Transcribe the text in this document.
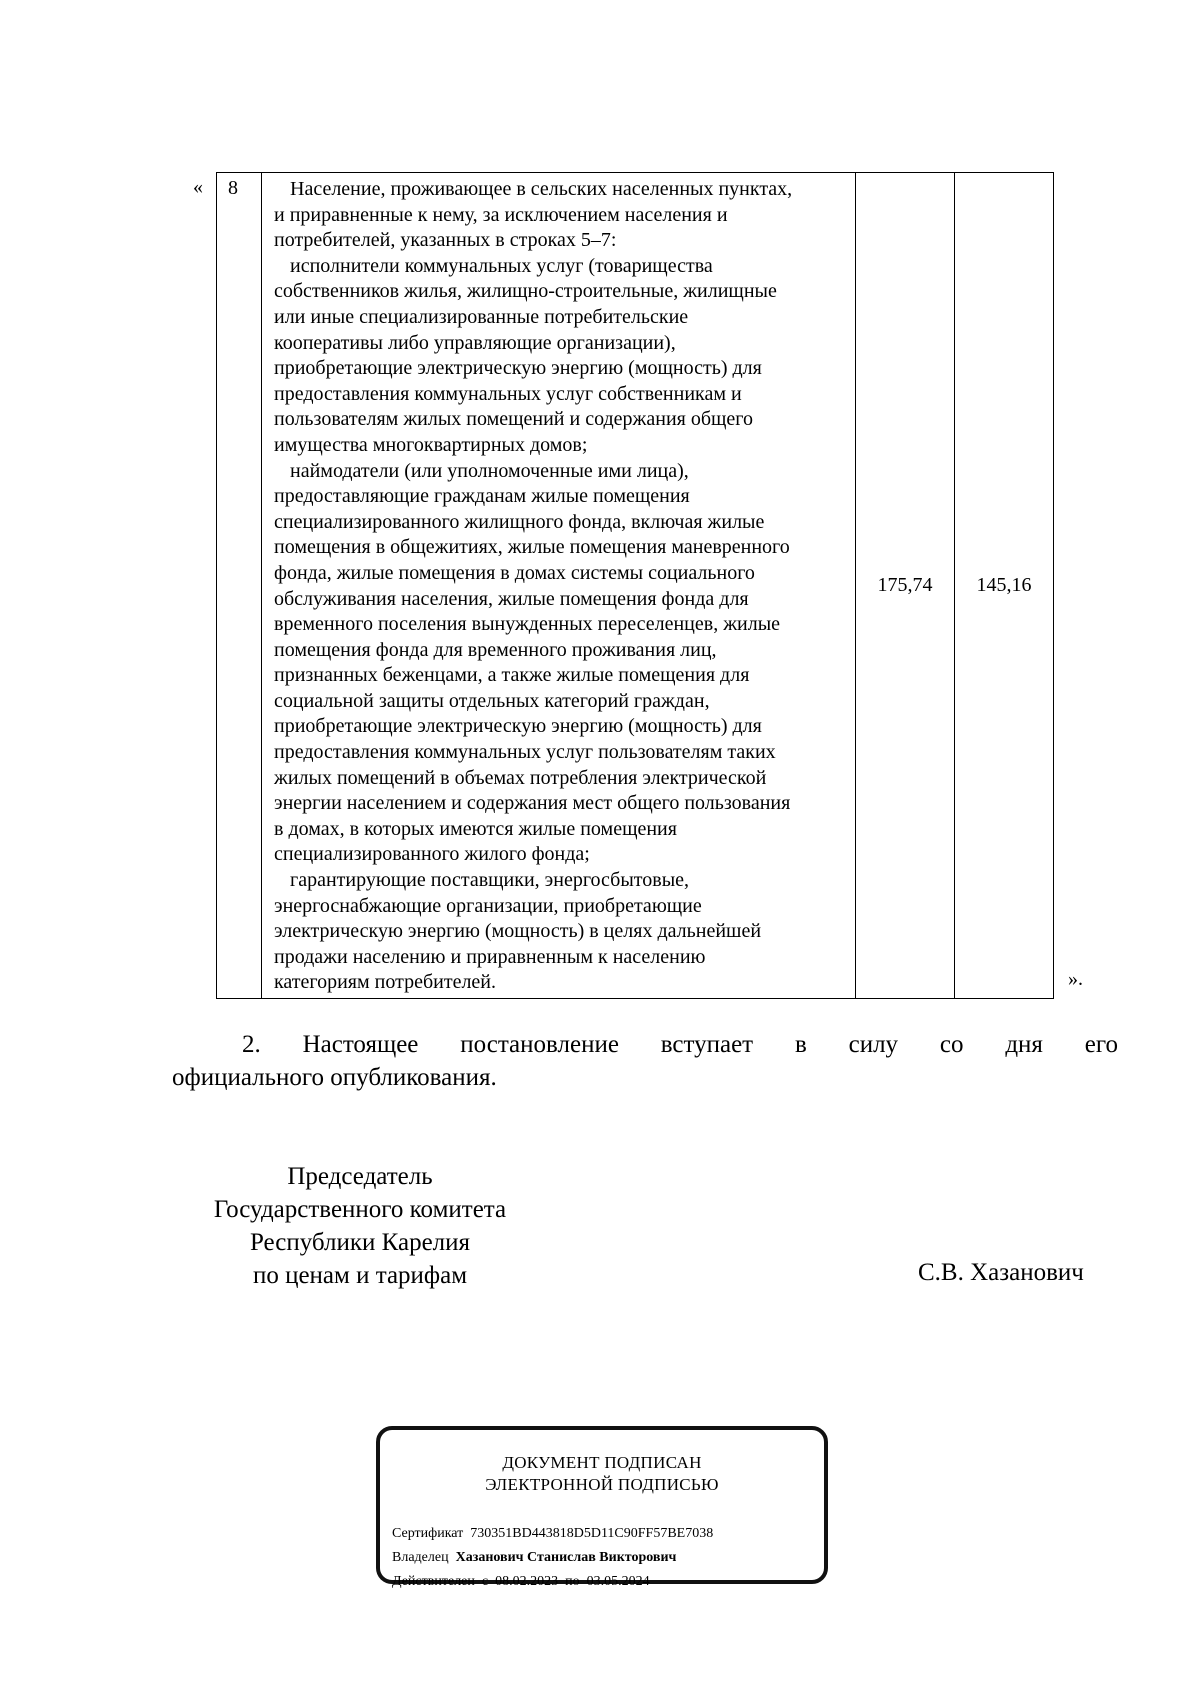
«	8	Население, проживающее в сельских населенных пунктах,
и приравненные к нему, за исключением населения и
потребителей, указанных в строках 5–7:
исполнители коммунальных услуг (товарищества
собственников жилья, жилищно-строительные, жилищные
или иные специализированные потребительские
кооперативы либо управляющие организации),
приобретающие электрическую энергию (мощность) для
предоставления коммунальных услуг собственникам и
пользователям жилых помещений и содержания общего
имущества многоквартирных домов;
наймодатели (или уполномоченные ими лица),
предоставляющие гражданам жилые помещения
специализированного жилищного фонда, включая жилые
помещения в общежитиях, жилые помещения маневренного
фонда, жилые помещения в домах системы социального
обслуживания населения, жилые помещения фонда для
временного поселения вынужденных переселенцев, жилые
помещения фонда для временного проживания лиц,
признанных беженцами, а также жилые помещения для
социальной защиты отдельных категорий граждан,
приобретающие электрическую энергию (мощность) для
предоставления коммунальных услуг пользователям таких
жилых помещений в объемах потребления электрической
энергии населением и содержания мест общего пользования
в домах, в которых имеются жилые помещения
специализированного жилого фонда;
гарантирующие поставщики, энергосбытовые,
энергоснабжающие организации, приобретающие
электрическую энергию (мощность) в целях дальнейшей
продажи населению и приравненным к населению
категориям потребителей.
	175,74	145,16
».
2. Настоящее постановление вступает в силу со дня его
официального опубликования.
Председатель
Государственного комитета
Республики Карелия
по ценам и тарифам	С.В. Хазанович
ДОКУМЕНТ ПОДПИСАН
ЭЛЕКТРОННОЙ ПОДПИСЬЮ
Сертификат 730351BD443818D5D11C90FF57BE7038
Владелец Хазанович Станислав Викторович
Действителен с 08.02.2023 по 03.05.2024
